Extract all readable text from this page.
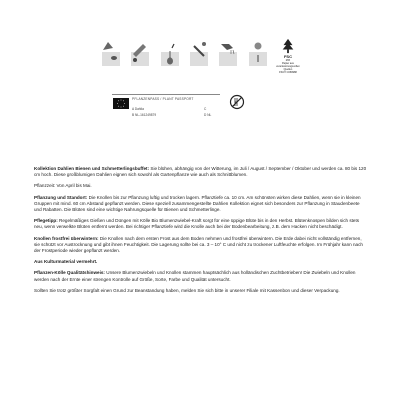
FSC
MIX
Papier aus verantwortungsvollen Quellen
FSC® C069988
PFLANZENPASS / PLANT PASSPORT
A Dahlia
B NL-161249879
C
D NL

Kollektion Dahlien Bienen und Schmetterlingsbuffet: Sie blühen, abhängig von der Witterung, im Juli / August / September / Oktober und werden ca. 80 bis 120 cm hoch. Diese großblumigen Dahlien eignen sich sowohl als Gartenpflanze wie auch als Schnittblumen.

Pflanzzeit: Von April bis Mai.

Pflanzung und Standort: Die Knollen bis zur Pflanzung luftig und trocken lagern. Pflanztiefe ca. 10 cm. Am schönsten wirken diese Dahlien, wenn sie in kleinen Gruppen mit mind. 60 cm Abstand gepflanzt werden. Diese speziell zusammengestellte Dahlien Kollektion eignet sich besonders zur Pflanzung in Staudenbeete und Rabatten. Die Blüten sind eine wichtige Nahrungsquelle für Bienen und Schmetterlinge.

Pflegetipp: Regelmäßiges Gießen und Düngen mit Kölle Bio Blumenzwiebel-Kraft sorgt für eine üppige Blüte bis in den Herbst. Blütenknospen bilden sich stets neu, wenn verwelkte Blüten entfernt werden. Bei richtiger Pflanztiefe wird die Knolle auch bei der Bodenbearbeitung, z.B. dem Hacken nicht beschädigt.

Knollen frostfrei überwintern: Die Knollen nach dem ersten Frost aus dem Boden nehmen und frostfrei überwintern. Die Erde dabei nicht vollständig entfernen, sie schützt vor Austrocknung und gibt ihnen Feuchtigkeit. Die Lagerung sollte bei ca. 3 – 10° C und nicht zu trockener Luftfeuchte erfolgen. Im Frühjahr kann nach der Frostperiode wieder gepflanzt werden.

Aus Kulturmaterial vermehrt.

Pflanzen-Kölle Qualitätshinweis: Unsere Blumenzwiebeln und Knollen stammen hauptsächlich aus holländischen Zuchtbetrieben! Die Zwiebeln und Knollen werden nach der Ernte einer strengen Kontrolle auf Größe, Sorte, Farbe und Qualität untersucht.

Sollten Sie trotz größter Sorgfalt einen Grund zur Beanstandung haben, melden Sie sich bitte in unserer Filiale mit Kassenbon und dieser Verpackung.
